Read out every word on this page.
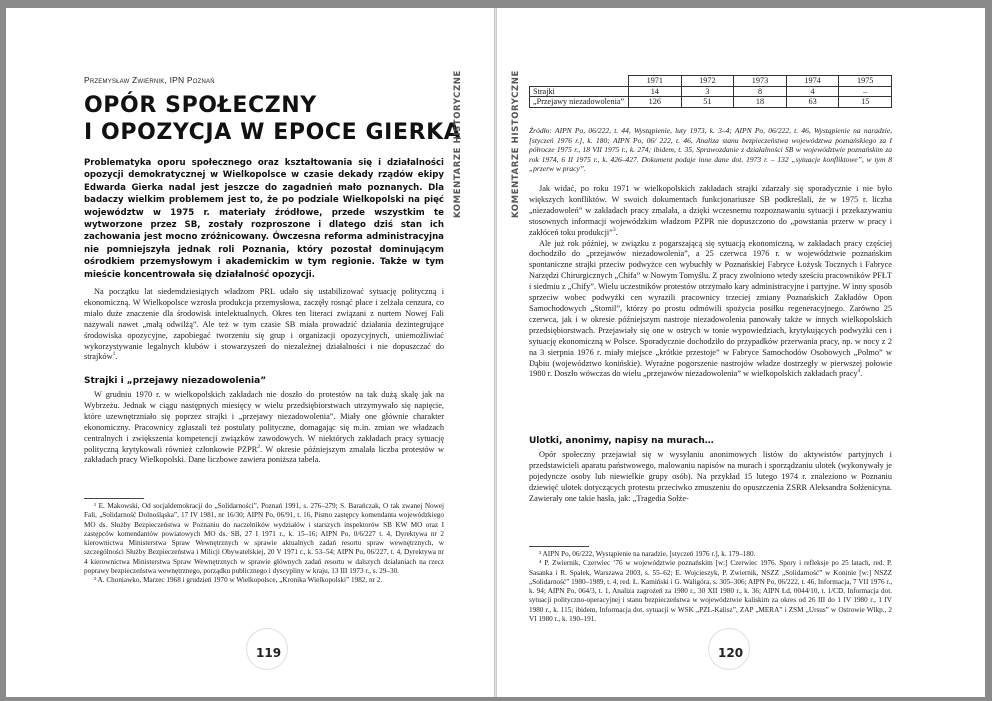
Przemysław Zwiernik, IPN Poznań
OPÓR SPOŁECZNY
I OPOZYCJA W EPOCE GIERKA

Problematyka oporu społecznego oraz kształtowania się i działalności opozycji demokratycznej w Wielkopolsce w czasie dekady rządów ekipy Edwarda Gierka nadal jest jeszcze do zagadnień mało poznanych. Dla badaczy wielkim problemem jest to, że po podziale Wielkopolski na pięć województw w 1975 r. materiały źródłowe, przede wszystkim te wytworzone przez SB, zostały rozproszone i dlatego dziś stan ich zachowania jest mocno zróżnicowany. Ówczesna reforma administracyjna nie pomniejszyła jednak roli Poznania, który pozostał dominującym ośrodkiem przemysłowym i akademickim w tym regionie. Także w tym mieście koncentrowała się działalność opozycji.

Na początku lat siedemdziesiątych władzom PRL udało się ustabilizować sytuację polityczną i ekonomiczną. W Wielkopolsce wzrosła produkcja przemysłowa, zaczęły rosnąć płace i zelżała cenzura, co miało duże znaczenie dla środowisk intelektualnych. Okres ten literaci związani z nurtem Nowej Fali nazywali nawet „małą odwilżą”. Ale też w tym czasie SB miała prowadzić działania dezintegrujące środowiska opozycyjne, zapobiegać tworzeniu się grup i organizacji opozycyjnych, uniemożliwiać wykorzystywanie legalnych klubów i stowarzyszeń do niezależnej działalności i nie dopuszczać do strajków$^1$.

Strajki i „przejawy niezadowolenia”

W grudniu 1970 r. w wielkopolskich zakładach nie doszło do protestów na tak dużą skalę jak na Wybrzeżu. Jednak w ciągu następnych miesięcy w wielu przedsiębiorstwach utrzymywało się napięcie, które uzewnętrzniało się poprzez strajki i „przejawy niezadowolenia”. Miały one głównie charakter ekonomiczny. Pracownicy zgłaszali też postulaty polityczne, domagając się m.in. zmian we władzach centralnych i zwiększenia kompetencji związków zawodowych. W niektórych zakładach pracy sytuację polityczną krytykowali również członkowie PZPR$^2$. W okresie późniejszym zmalała liczba protestów w zakładach pracy Wielkopolski. Dane liczbowe zawiera poniższa tabela.

¹ E. Makowski, Od socjaldemokracji do „Solidarności”, Poznań 1991, s. 276–279; S. Barańczak, O tak zwanej Nowej Fali, „Solidarność Dolnośląska”, 17 IV 1981, nr 16/30; AIPN Po, 06/91, t. 16, Pismo zastępcy komendanta wojewódzkiego MO ds. Służby Bezpieczeństwa w Poznaniu do naczelników wydziałów i starszych inspektorów SB KW MO oraz I zastępców komendantów powiatowych MO ds. SB, 27 I 1971 r., k. 15–16; AIPN Po, 0/6/227 t. 4, Dyrektywa nr 2 kierownictwa Ministerstwa Spraw Wewnętrznych w sprawie aktualnych zadań resortu spraw wewnętrznych, w szczególności Służby Bezpieczeństwa i Milicji Obywatelskiej, 20 V 1971 r., k. 53–54; AIPN Po, 06/227, t. 4, Dyrektywa nr 4 kierownictwa Ministerstwa Spraw Wewnętrznych w sprawie głównych zadań resortu w dalszych działaniach na rzecz poprawy bezpieczeństwa wewnętrznego, porządku publicznego i dyscypliny w kraju, 13 III 1973 r., s. 29–30.

² A. Choniawko, Marzec 1968 i grudzień 1970 w Wielkopolsce, „Kronika Wielkopolski” 1982, nr 2.

119
KOMENTARZE HISTORYCZNE	KOMENTARZE HISTORYCZNE
		1971	1972	1973	1974	1975
Strajki	14	3	8	4	–
„Przejawy niezadowolenia”	126	51	18	63	15

Źródło: AIPN Po, 06/222, t. 44, Wystąpienie, luty 1973, k. 3–4; AIPN Po, 06/222, t. 46, Wystąpienie na naradzie, [styczeń 1976 r.], k. 180; AIPN Po, 06/ 222, t. 46, Analiza stanu bezpieczeństwa województwa poznańskiego za I półrocze 1975 r., 18 VII 1975 r., k. 274; ibidem, t. 35, Sprawozdanie z działalności SB w województwie poznańskim za rok 1974, 6 II 1975 r., k. 426–427. Dokument podaje inne dane dot. 1973 r. – 132 „sytuacje konfliktowe”, w tym 8 „przerw w pracy”.

Jak widać, po roku 1971 w wielkopolskich zakładach strajki zdarzały się sporadycznie i nie było większych konfliktów. W swoich dokumentach funkcjonariusze SB podkreślali, że w 1975 r. liczba „niezadowoleń” w zakładach pracy zmalała, a dzięki wczesnemu rozpoznawaniu sytuacji i przekazywaniu stosownych informacji wojewódzkim władzom PZPR nie dopuszczono do „powstania przerw w pracy i zakłóceń toku produkcji”$^3$.

Ale już rok później, w związku z pogarszającą się sytuacją ekonomiczną, w zakładach pracy częściej dochodziło do „przejawów niezadowolenia”, a 25 czerwca 1976 r. w województwie poznańskim spontaniczne strajki przeciw podwyżce cen wybuchły w Poznańskiej Fabryce Łożysk Tocznych i Fabryce Narzędzi Chirurgicznych „Chifa” w Nowym Tomyślu. Z pracy zwolniono wtedy sześciu pracowników PFŁT i siedmiu z „Chify”. Wielu uczestników protestów otrzymało kary administracyjne i partyjne. W inny sposób sprzeciw wobec podwyżki cen wyrazili pracownicy trzeciej zmiany Poznańskich Zakładów Opon Samochodowych „Stomil”, którzy po prostu odmówili spożycia posiłku regeneracyjnego. Zarówno 25 czerwca, jak i w okresie późniejszym nastroje niezadowolenia panowały także w innych wielkopolskich przedsiębiorstwach. Przejawiały się one w ostrych w tonie wypowiedziach, krytykujących podwyżki cen i sytuację ekonomiczną w Polsce. Sporadycznie dochodziło do przypadków przerwania pracy, np. w nocy z 2 na 3 sierpnia 1976 r. miały miejsce „krótkie przestoje” w Fabryce Samochodów Osobowych „Polmo” w Dąbiu (województwo konińskie). Wyraźne pogorszenie nastrojów władze dostrzegły w pierwszej połowie 1980 r. Doszło wówczas do wielu „przejawów niezadowolenia” w wielkopolskich zakładach pracy$^4$.

Ulotki, anonimy, napisy na murach…

Opór społeczny przejawiał się w wysyłaniu anonimowych listów do aktywistów partyjnych i przedstawicieli aparatu państwowego, malowaniu napisów na murach i sporządzaniu ulotek (wykonywały je pojedyncze osoby lub niewielkie grupy osób). Na przykład 15 lutego 1974 r. znaleziono w Poznaniu dziewięć ulotek dotyczących protestu przeciwko zmuszeniu do opuszczenia ZSRR Aleksandra Sołżenicyna. Zawierały one takie hasła, jak: „Tragedia Sołże-

³ AIPN Po, 06/222, Wystąpienie na naradzie, [styczeń 1976 r.], k. 179–180.

⁴ P. Zwiernik, Czerwiec ’76 w województwie poznańskim [w:] Czerwiec 1976. Spory i refleksje po 25 latach, red. P. Sasanka i R. Spałek, Warszawa 2003, s. 55–62; E. Wojcieszyk, P. Zwiernik, NSZZ „Solidarność” w Koninie [w:] NSZZ „Solidarność” 1980–1989, t. 4, red. Ł. Kamiński i G. Waligóra, s. 305–306; AIPN Po, 06/222, t. 46, Informacja, 7 VII 1976 r., k. 94; AIPN Po, 064/3, t. 1, Analiza zagrożeń za 1980 r., 30 XII 1980 r., k. 36; AIPN Łd, 0044/10, t. 1/CD, Informacja dot. sytuacji polityczno-operacyjnej i stanu bezpieczeństwa w województwie kaliskim za okres od 26 III do 1 IV 1980 r., 1 IV 1980 r., k. 115; ibidem, Informacja dot. sytuacji w WSK „PZL-Kalisz”, ZAP „MERA” i ZSM „Ursus” w Ostrowie Wlkp., 2 VI 1980 r., k. 190–191.

120
